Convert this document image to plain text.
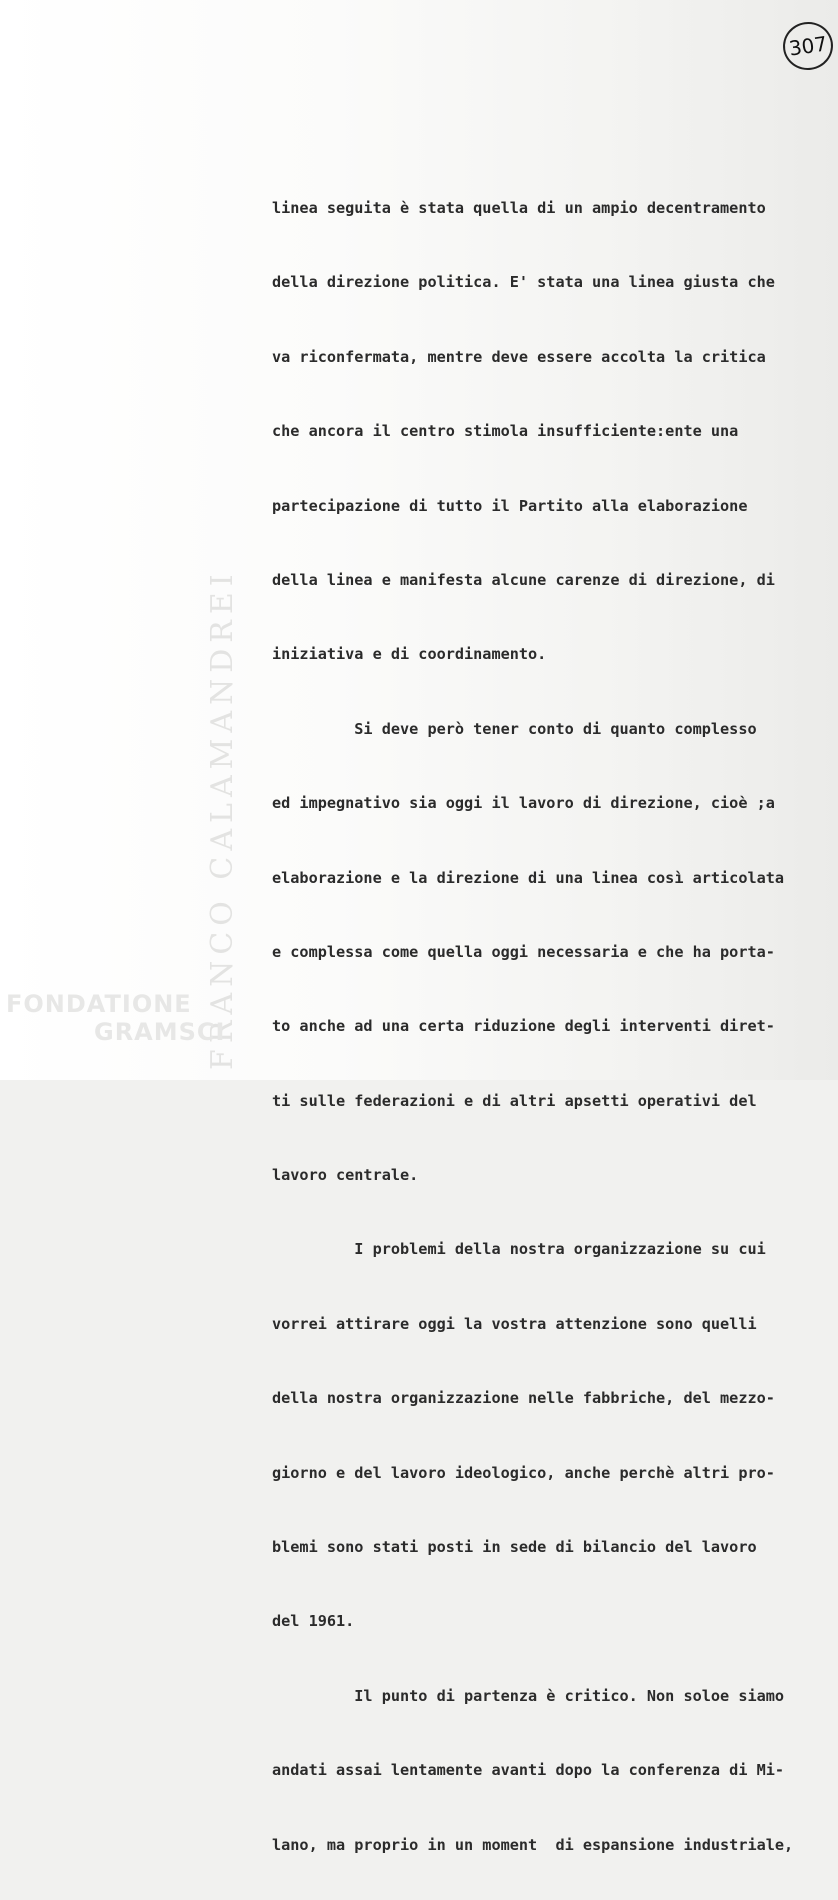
FRANCO CALAMANDREI
307

linea seguita è stata quella di un ampio decentramento

della direzione politica. E' stata una linea giusta che

va riconfermata, mentre deve essere accolta la critica

che ancora il centro stimola insufficiente:ente una

partecipazione di tutto il Partito alla elaborazione

della linea e manifesta alcune carenze di direzione, di

iniziativa e di coordinamento.

Si deve però tener conto di quanto complesso

ed impegnativo sia oggi il lavoro di direzione, cioè ;a

elaborazione e la direzione di una linea così articolata

e complessa come quella oggi necessaria e che ha porta-

to anche ad una certa riduzione degli interventi diret-

ti sulle federazioni e di altri apsetti operativi del

lavoro centrale.

I problemi della nostra organizzazione su cui

vorrei attirare oggi la vostra attenzione sono quelli

della nostra organizzazione nelle fabbriche, del mezzo-

giorno e del lavoro ideologico, anche perchè altri pro-

blemi sono stati posti in sede di bilancio del lavoro

del 1961.

Il punto di partenza è critico. Non soloe siamo

andati assai lentamente avanti dopo la conferenza di Mi-

lano, ma proprio in un moment  di espansione industriale,

FONDATIONE
GRAMSCI
